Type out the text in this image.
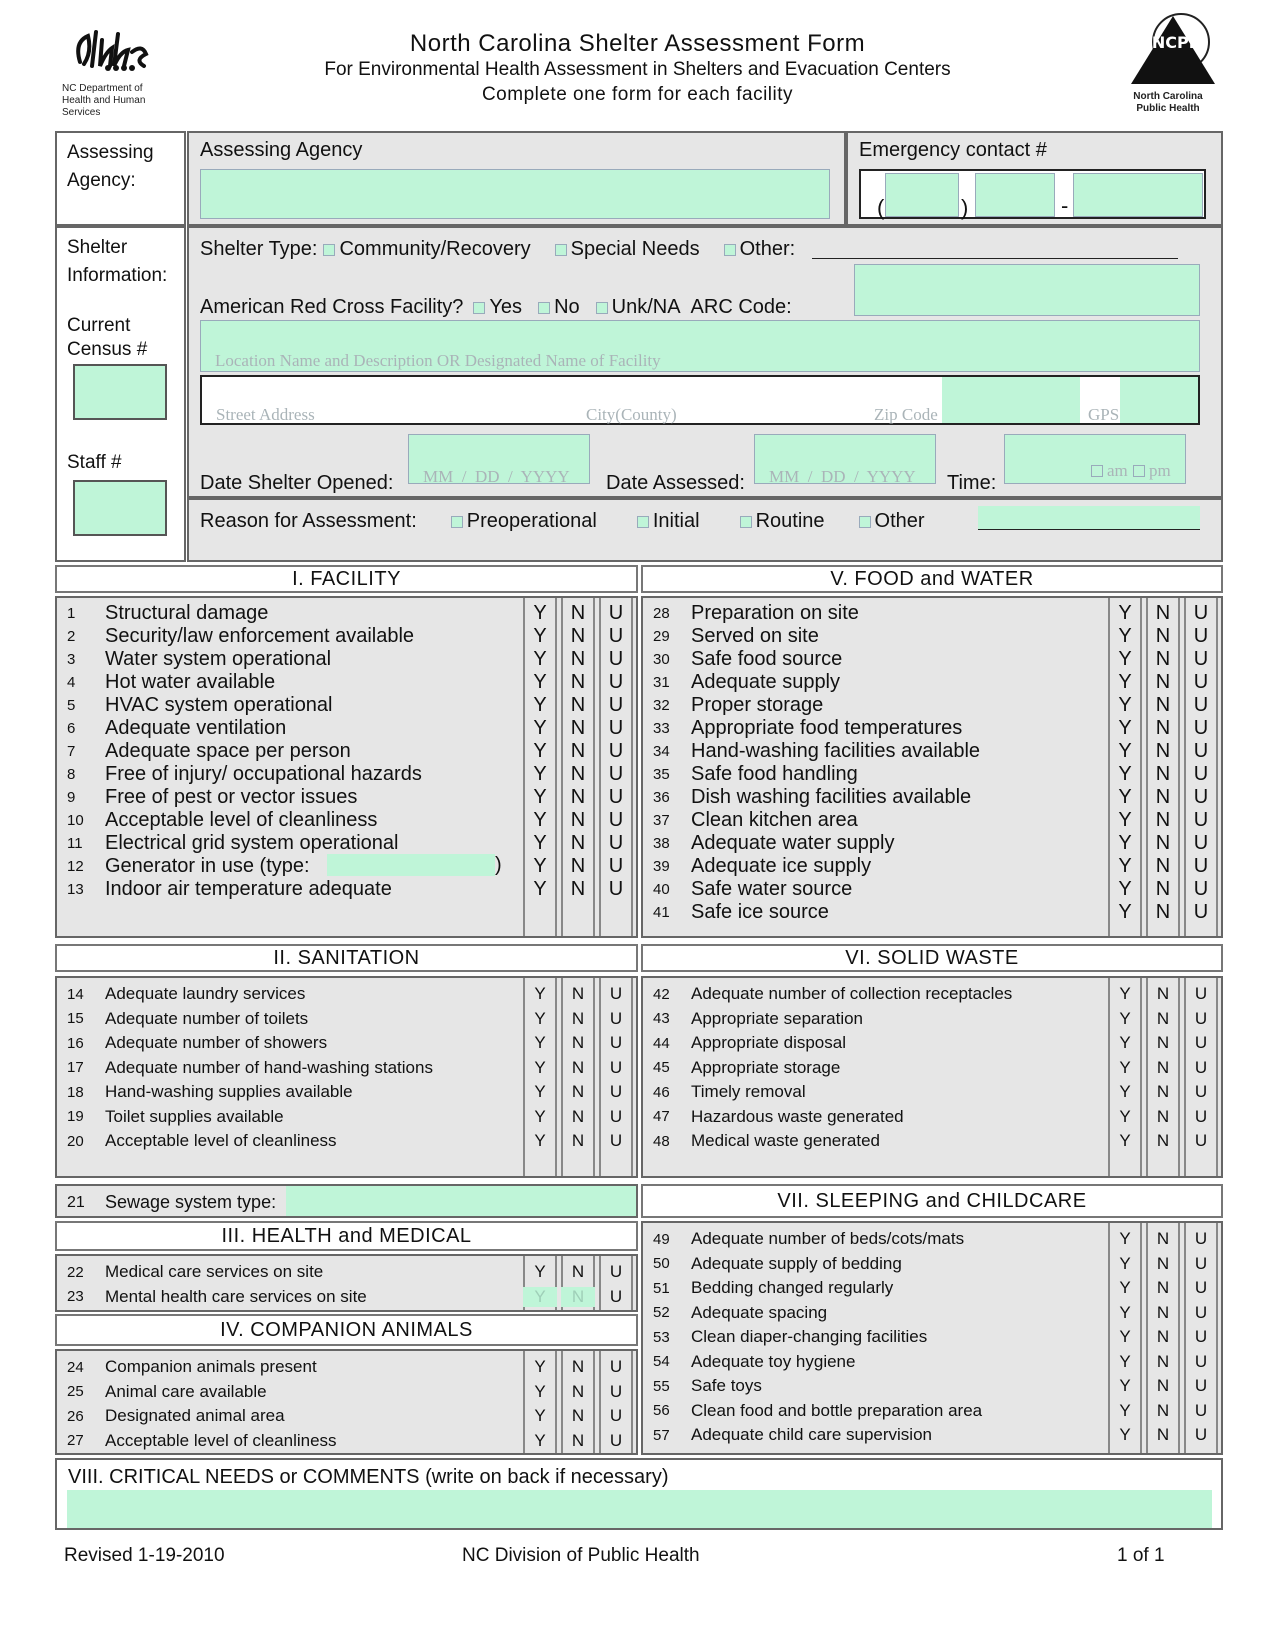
NC Department of Health and Human Services
North Carolina Shelter Assessment Form
For Environmental Health Assessment in Shelters and Evacuation Centers
Complete one form for each facility
NCPH
North Carolina Public Health
Assessing Agency:
Assessing Agency	Emergency contact #
(	)	-
Shelter Information:
Current Census #
Staff #
Shelter Type: Community/Recovery Special Needs Other:
American Red Cross Facility? Yes No Unk/NA ARC Code:
Location Name and Description OR Designated Name of Facility
Street Address	City(County)	Zip Code	GPS
Date Shelter Opened: MM  /  DD  /  YYYY Date Assessed: MM  /  DD  /  YYYY Time:
am pm
Reason for Assessment:	Preoperational	Initial	Routine	Other
I. FACILITY	V. FOOD and WATER
1	Structural damage	Y	N	U
2	Security/law enforcement available	Y	N	U
3	Water system operational	Y	N	U
4	Hot water available	Y	N	U
5	HVAC system operational	Y	N	U
6	Adequate ventilation	Y	N	U
7	Adequate space per person	Y	N	U
8	Free of injury/ occupational hazards	Y	N	U
9	Free of pest or vector issues	Y	N	U
10	Acceptable level of cleanliness	Y	N	U
11	Electrical grid system operational	Y	N	U
12	Generator in use (type:	)	Y	N	U
13	Indoor air temperature adequate	Y	N	U
28	Preparation on site	Y	N	U
29	Served on site	Y	N	U
30	Safe food source	Y	N	U
31	Adequate supply	Y	N	U
32	Proper storage	Y	N	U
33	Appropriate food temperatures	Y	N	U
34	Hand-washing facilities available	Y	N	U
35	Safe food handling	Y	N	U
36	Dish washing facilities available	Y	N	U
37	Clean kitchen area	Y	N	U
38	Adequate water supply	Y	N	U
39	Adequate ice supply	Y	N	U
40	Safe water source	Y	N	U
41	Safe ice source	Y	N	U
II. SANITATION	VI. SOLID WASTE
14	Adequate laundry services	Y	N	U
15	Adequate number of toilets	Y	N	U
16	Adequate number of showers	Y	N	U
17	Adequate number of hand-washing stations	Y	N	U
18	Hand-washing supplies available	Y	N	U
19	Toilet supplies available	Y	N	U
20	Acceptable level of cleanliness	Y	N	U
42	Adequate number of collection receptacles	Y	N	U
43	Appropriate separation	Y	N	U
44	Appropriate disposal	Y	N	U
45	Appropriate storage	Y	N	U
46	Timely removal	Y	N	U
47	Hazardous waste generated	Y	N	U
48	Medical waste generated	Y	N	U
21 Sewage system type:	VII. SLEEPING and CHILDCARE
III. HEALTH and MEDICAL
22	Medical care services on site	Y	N	U
23	Mental health care services on site	Y	N	U
IV. COMPANION ANIMALS
24	Companion animals present	Y	N	U
25	Animal care available	Y	N	U
26	Designated animal area	Y	N	U
27	Acceptable level of cleanliness	Y	N	U
49	Adequate number of beds/cots/mats	Y	N	U
50	Adequate supply of bedding	Y	N	U
51	Bedding changed regularly	Y	N	U
52	Adequate spacing	Y	N	U
53	Clean diaper-changing facilities	Y	N	U
54	Adequate toy hygiene	Y	N	U
55	Safe toys	Y	N	U
56	Clean food and bottle preparation area	Y	N	U
57	Adequate child care supervision	Y	N	U
VIII. CRITICAL NEEDS or COMMENTS (write on back if necessary)
Revised 1-19-2010	NC Division of Public Health	1 of 1
